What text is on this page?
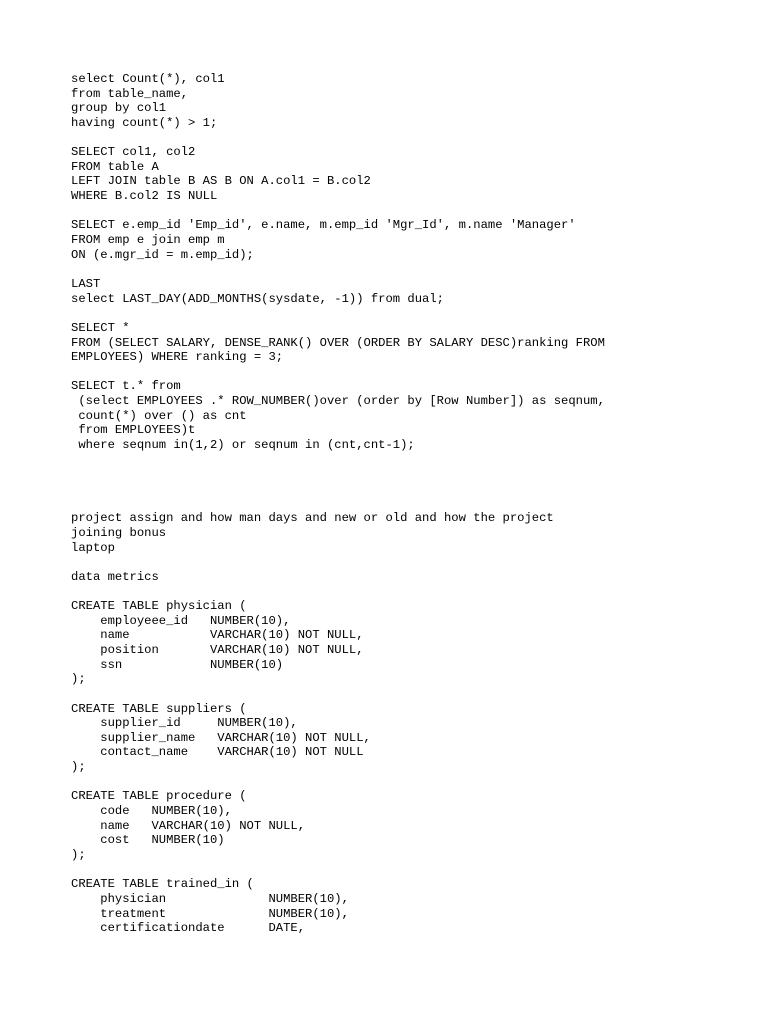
select Count(*), col1
from table_name,
group by col1
having count(*) > 1;
SELECT col1, col2
FROM table A
LEFT JOIN table B AS B ON A.col1 = B.col2
WHERE B.col2 IS NULL
SELECT e.emp_id 'Emp_id', e.name, m.emp_id 'Mgr_Id', m.name 'Manager'
FROM emp e join emp m
ON (e.mgr_id = m.emp_id);
LAST
select LAST_DAY(ADD_MONTHS(sysdate, -1)) from dual;
SELECT *
FROM (SELECT SALARY, DENSE_RANK() OVER (ORDER BY SALARY DESC)ranking FROM
EMPLOYEES) WHERE ranking = 3;
SELECT t.* from
(select EMPLOYEES .* ROW_NUMBER()over (order by [Row Number]) as seqnum,
count(*) over () as cnt
from EMPLOYEES)t
where seqnum in(1,2) or seqnum in (cnt,cnt-1);
project assign and how man days and new or old and how the project
joining bonus
laptop
data metrics
CREATE TABLE physician (
employeee_id   NUMBER(10),
name           VARCHAR(10) NOT NULL,
position       VARCHAR(10) NOT NULL,
ssn            NUMBER(10)
);
CREATE TABLE suppliers (
supplier_id     NUMBER(10),
supplier_name   VARCHAR(10) NOT NULL,
contact_name    VARCHAR(10) NOT NULL
);
CREATE TABLE procedure (
code   NUMBER(10),
name   VARCHAR(10) NOT NULL,
cost   NUMBER(10)
);
CREATE TABLE trained_in (
physician              NUMBER(10),
treatment              NUMBER(10),
certificationdate      DATE,
